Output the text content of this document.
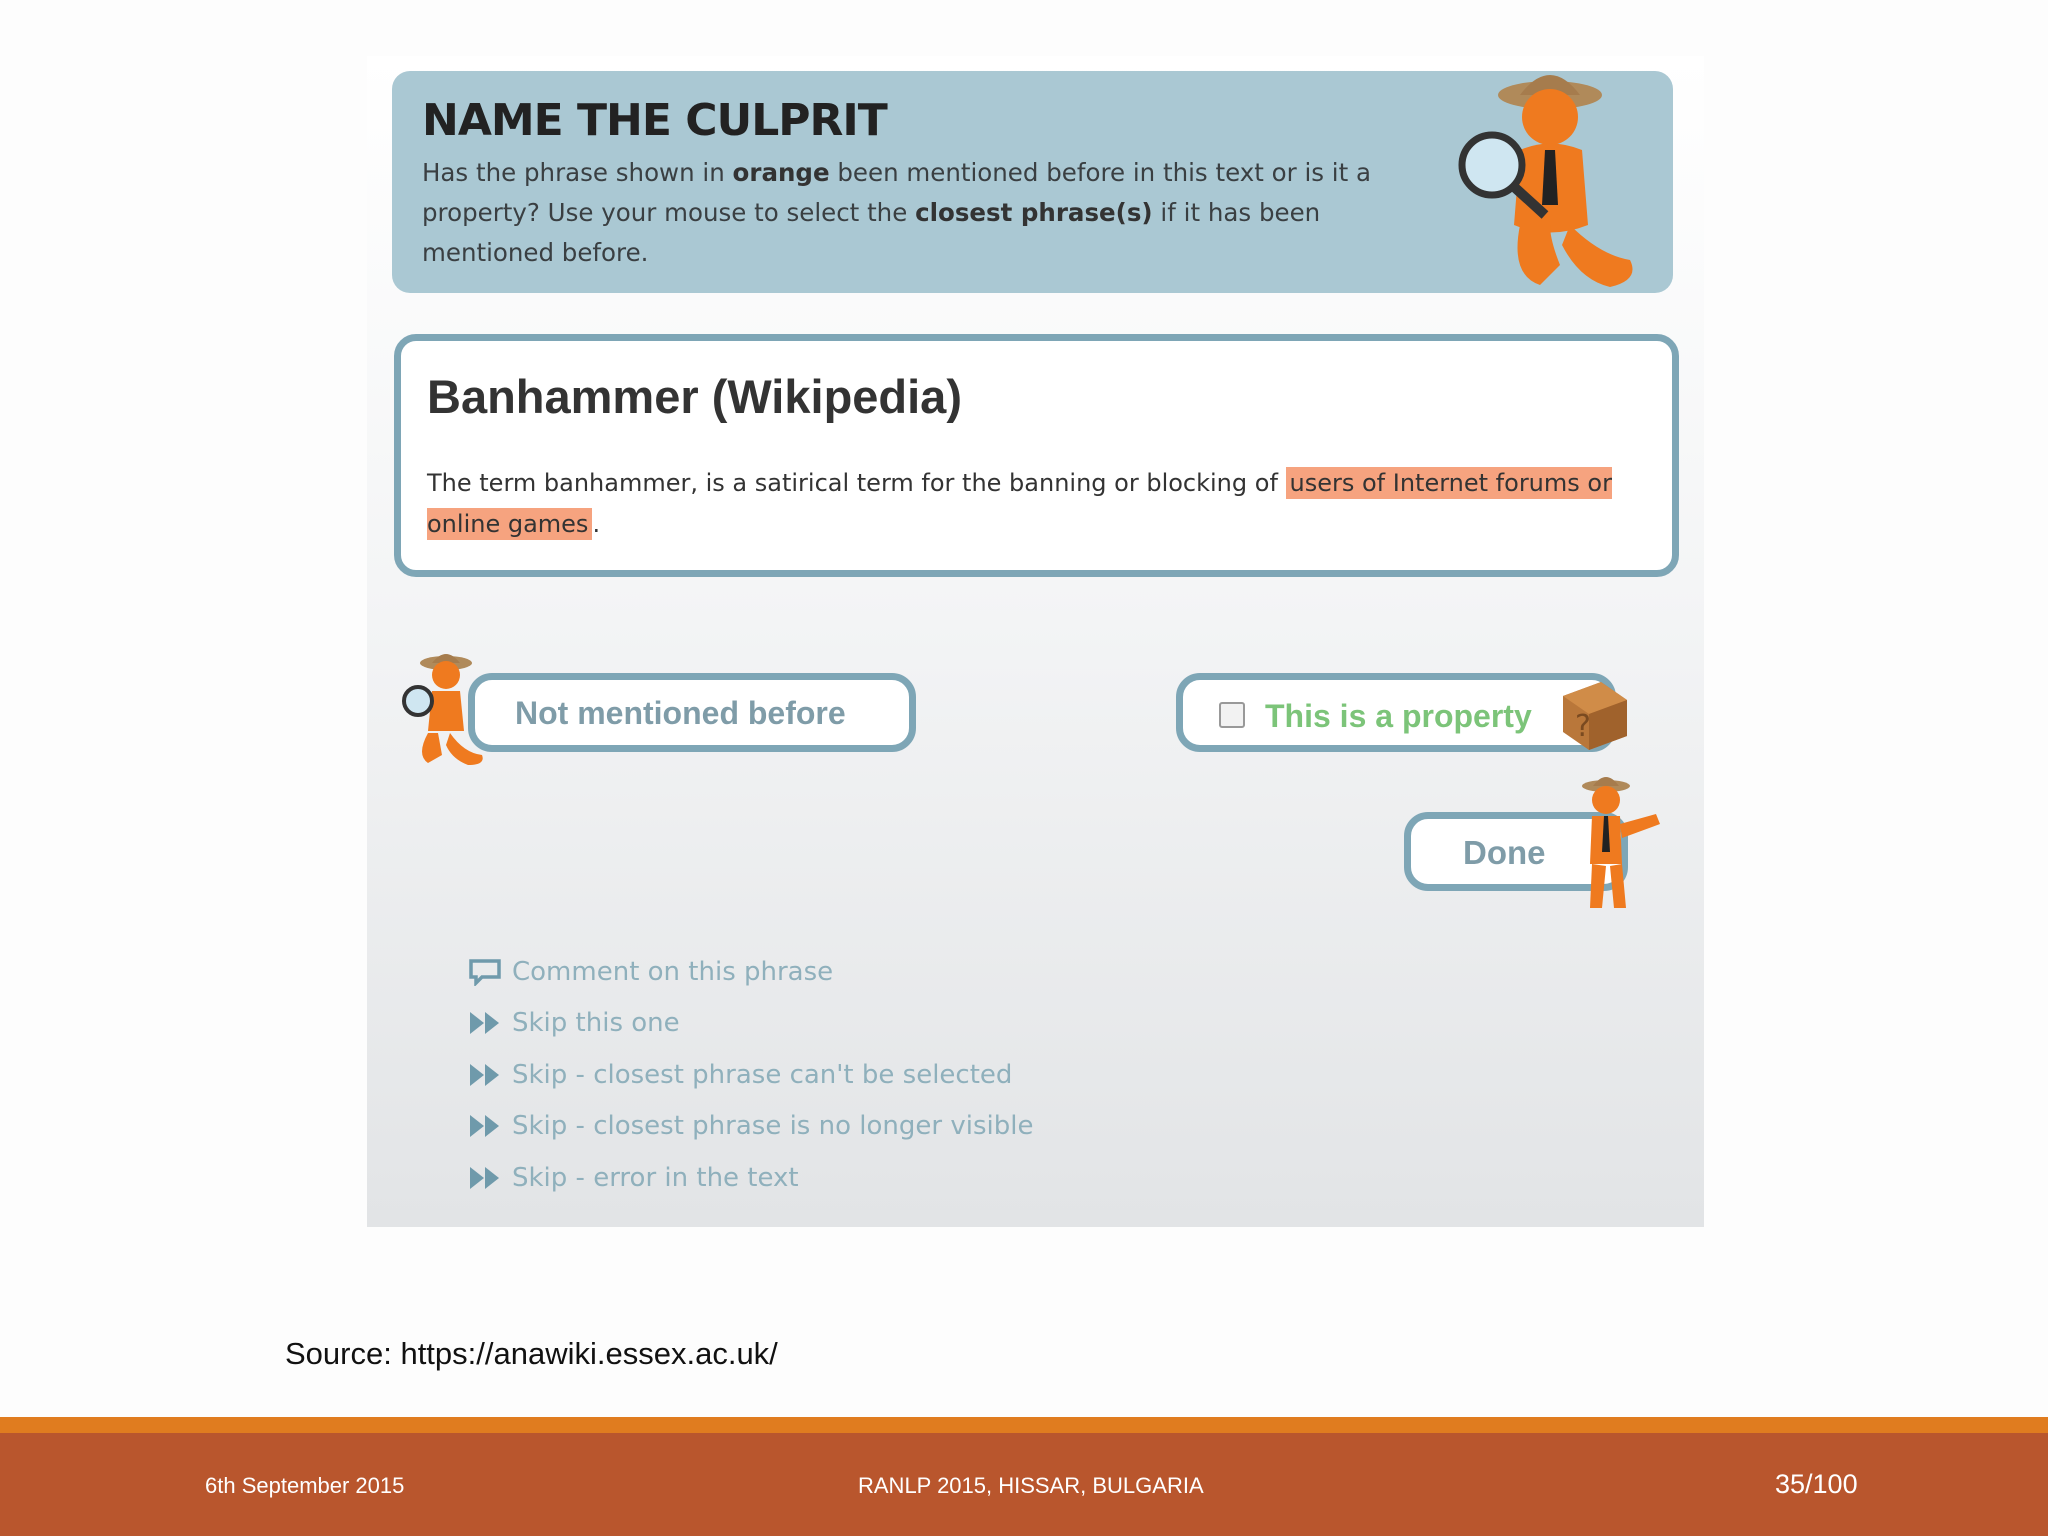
NAME THE CULPRIT

Has the phrase shown in orange been mentioned before in this text or is it a property? Use your mouse to select the closest phrase(s) if it has been mentioned before.

Banhammer (Wikipedia)

The term banhammer, is a satirical term for the banning or blocking of users of Internet forums or online games .

Not mentioned before	This is a property ?
Done
Comment on this phrase
Skip this one
Skip - closest phrase can't be selected
Skip - closest phrase is no longer visible
Skip - error in the text

Source: https://anawiki.essex.ac.uk/

6th September 2015	RANLP 2015, HISSAR, BULGARIA	35/100
